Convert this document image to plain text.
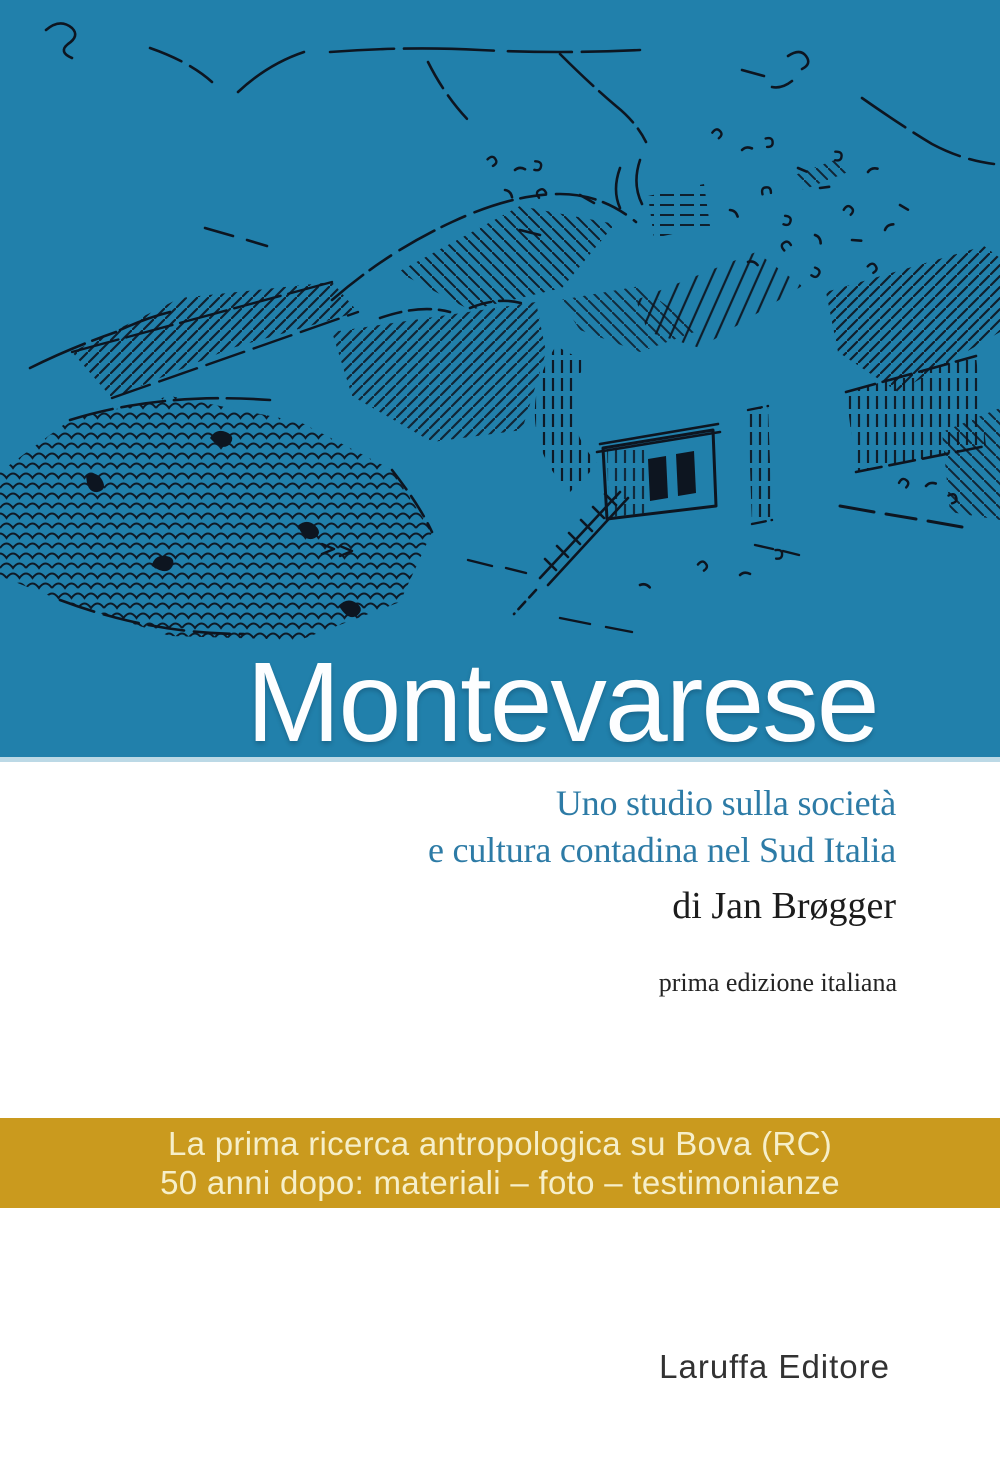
Montevarese

Uno studio sulla società
e cultura contadina nel Sud Italia

di Jan Brøgger

prima edizione italiana

La prima ricerca antropologica su Bova (RC)
50 anni dopo: materiali – foto – testimonianze

Laruffa Editore
